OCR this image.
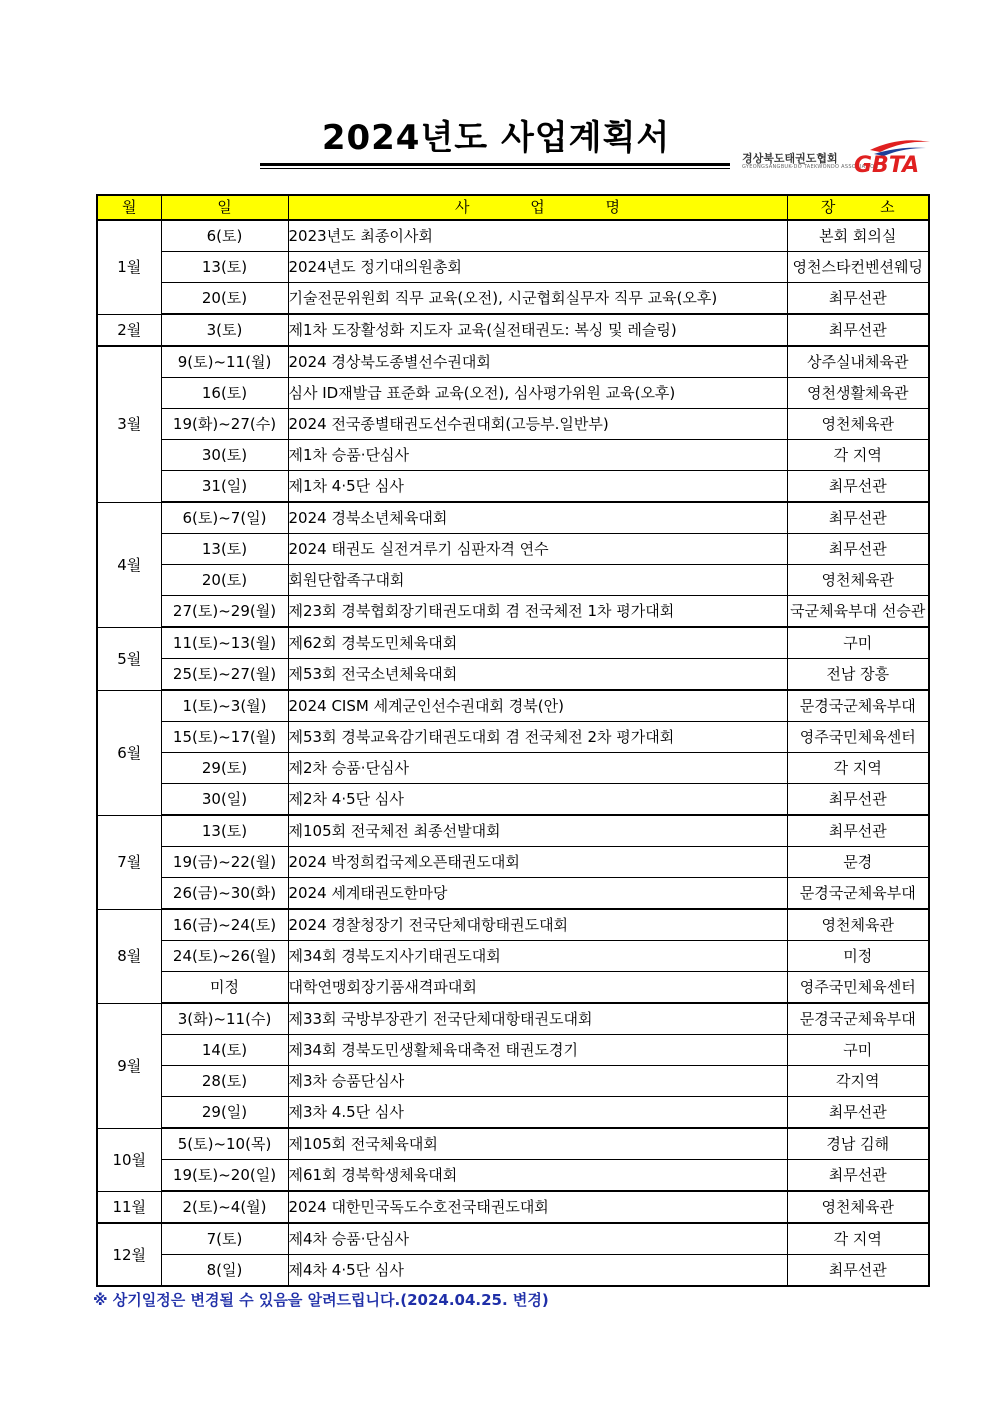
2024년도 사업계획서
경상북도태권도협회
GYEONGSANGBUK-DO TAEKWONDO ASSOCIATION
GBTA
월	일	사 업 명	장 소
1월	6(토)	2023년도 최종이사회	본회 회의실
	13(토)	2024년도 정기대의원총회	영천스타컨벤션웨딩
	20(토)	기술전문위원회 직무 교육(오전), 시군협회실무자 직무 교육(오후)	최무선관
2월	3(토)	제1차 도장활성화 지도자 교육(실전태권도: 복싱 및 레슬링)	최무선관
3월	9(토)~11(월)	2024 경상북도종별선수권대회	상주실내체육관
	16(토)	심사 ID재발급 표준화 교육(오전), 심사평가위원 교육(오후)	영천생활체육관
	19(화)~27(수)	2024 전국종별태권도선수권대회(고등부.일반부)	영천체육관
	30(토)	제1차 승품·단심사	각 지역
	31(일)	제1차 4·5단 심사	최무선관
4월	6(토)~7(일)	2024 경북소년체육대회	최무선관
	13(토)	2024 태권도 실전겨루기 심판자격 연수	최무선관
	20(토)	회원단합족구대회	영천체육관
	27(토)~29(월)	제23회 경북협회장기태권도대회 겸 전국체전 1차 평가대회	국군체육부대 선승관
5월	11(토)~13(월)	제62회 경북도민체육대회	구미
	25(토)~27(월)	제53회 전국소년체육대회	전남 장흥
6월	1(토)~3(월)	2024 CISM 세계군인선수권대회 경북(안)	문경국군체육부대
	15(토)~17(월)	제53회 경북교육감기태권도대회 겸 전국체전 2차 평가대회	영주국민체육센터
	29(토)	제2차 승품·단심사	각 지역
	30(일)	제2차 4·5단 심사	최무선관
7월	13(토)	제105회 전국체전 최종선발대회	최무선관
	19(금)~22(월)	2024 박정희컵국제오픈태권도대회	문경
	26(금)~30(화)	2024 세계태권도한마당	문경국군체육부대
8월	16(금)~24(토)	2024 경찰청장기 전국단체대항태권도대회	영천체육관
	24(토)~26(월)	제34회 경북도지사기태권도대회	미정
	미정	대학연맹회장기품새격파대회	영주국민체육센터
9월	3(화)~11(수)	제33회 국방부장관기 전국단체대항태권도대회	문경국군체육부대
	14(토)	제34회 경북도민생활체육대축전 태권도경기	구미
	28(토)	제3차 승품단심사	각지역
	29(일)	제3차 4.5단 심사	최무선관
10월	5(토)~10(목)	제105회 전국체육대회	경남 김해
	19(토)~20(일)	제61회 경북학생체육대회	최무선관
11월	2(토)~4(월)	2024 대한민국독도수호전국태권도대회	영천체육관
12월	7(토)	제4차 승품·단심사	각 지역
	8(일)	제4차 4·5단 심사	최무선관
※ 상기일정은 변경될 수 있음을 알려드립니다.(2024.04.25. 변경)
